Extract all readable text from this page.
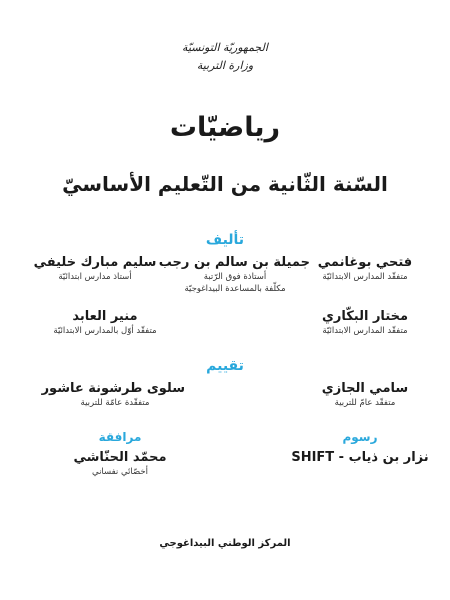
الجمهوريّة التونسيّة
وزارة التربية
رياضيّات
السّنة الثّانية من التّعليم الأساسيّ
تأليف
فتحي بوغانمي
متفقّد المدارس الابتدائيّة
جميلة بن سالم بن رجب
أستاذة فوق الرّتبة
مكلّفة بالمساعدة البيداغوجيّة
سليم مبارك خليفي
أستاذ مدارس ابتدائيّة
مختار البكّاري
متفقّد المدارس الابتدائيّة
منير العابد
متفقّد أوّل بالمدارس الابتدائيّة
تقييم
سامي الجازي
متفقّد عامّ للتربية
سلوى طرشونة عاشور
متفقّدة عامّة للتربية
رسوم
نزار بن ذياب - SHIFT
مرافقة
محمّد الحنّاشي
أخصّائي نفساني
المركز الوطني البيداغوجي
